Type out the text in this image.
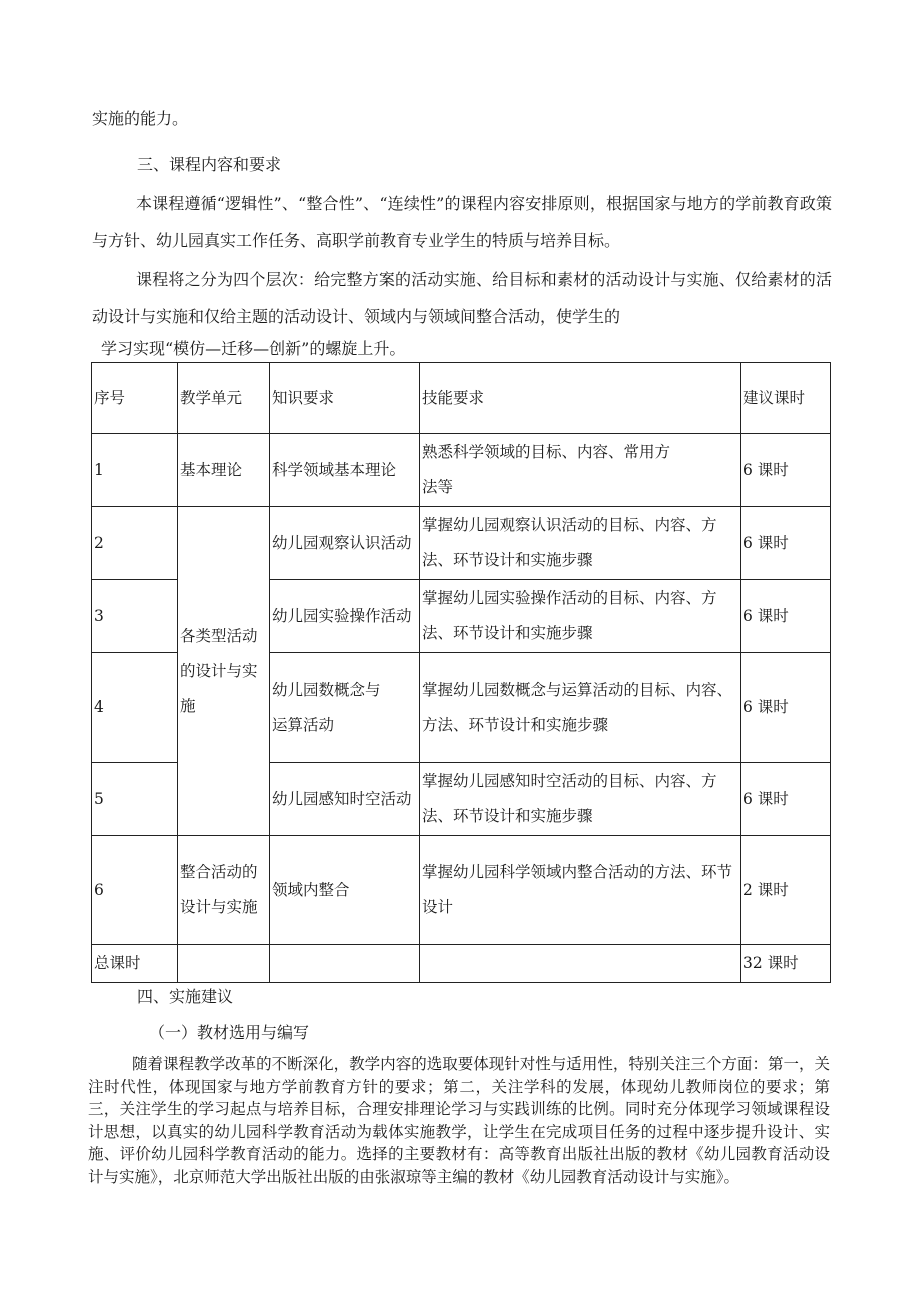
实施的能力。
三、课程内容和要求
本课程遵循“逻辑性”、“整合性”、“连续性”的课程内容安排原则，根据国家与地方的学前教育政策与方针、幼儿园真实工作任务、高职学前教育专业学生的特质与培养目标。
课程将之分为四个层次：给完整方案的活动实施、给目标和素材的活动设计与实施、仅给素材的活动设计与实施和仅给主题的活动设计、领域内与领域间整合活动，使学生的
学习实现“模仿—迁移—创新”的螺旋上升。
序号	教学单元	知识要求	技能要求	建议课时
1	基本理论	科学领域基本理论	熟悉科学领域的目标、内容、常用方法等	6 课时
2	各类型活动的设计与实施	幼儿园观察认识活动	掌握幼儿园观察认识活动的目标、内容、方法、环节设计和实施步骤	6 课时
3		幼儿园实验操作活动	掌握幼儿园实验操作活动的目标、内容、方法、环节设计和实施步骤	6 课时
4		幼儿园数概念与运算活动	掌握幼儿园数概念与运算活动的目标、内容、方法、环节设计和实施步骤	6 课时
5		幼儿园感知时空活动	掌握幼儿园感知时空活动的目标、内容、方法、环节设计和实施步骤	6 课时
6	整合活动的设计与实施	领域内整合	掌握幼儿园科学领域内整合活动的方法、环节设计	2 课时
总课时				32 课时
四、实施建议
（一）教材选用与编写
随着课程教学改革的不断深化，教学内容的选取要体现针对性与适用性，特别关注三个方面：第一，关注时代性，体现国家与地方学前教育方针的要求；第二，关注学科的发展，体现幼儿教师岗位的要求；第三，关注学生的学习起点与培养目标，合理安排理论学习与实践训练的比例。同时充分体现学习领域课程设计思想，以真实的幼儿园科学教育活动为载体实施教学，让学生在完成项目任务的过程中逐步提升设计、实施、评价幼儿园科学教育活动的能力。选择的主要教材有：高等教育出版社出版的教材《幼儿园教育活动设计与实施》，北京师范大学出版社出版的由张淑琼等主编的教材《幼儿园教育活动设计与实施》。
